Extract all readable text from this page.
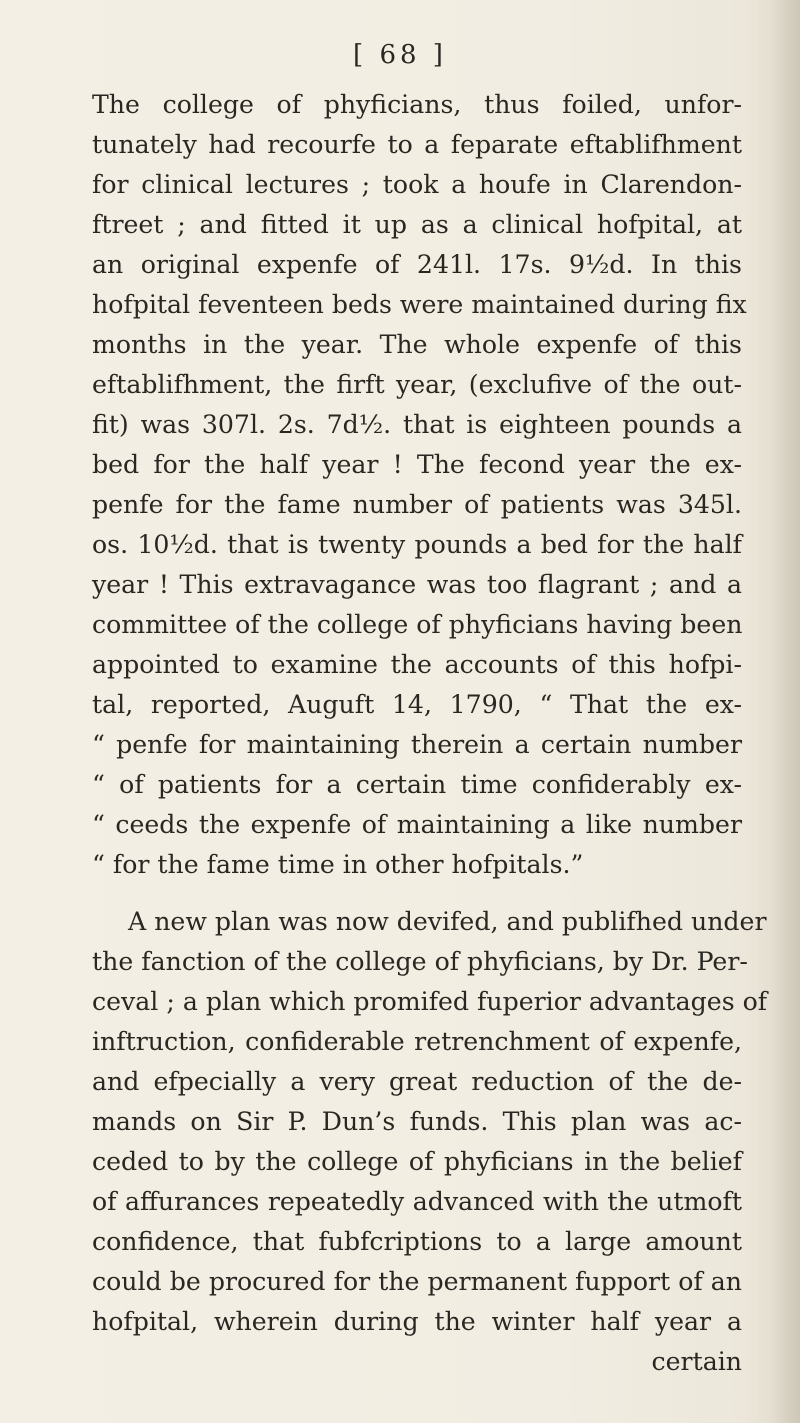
[ 68 ]
The college of phyficians, thus foiled, unfor-
tunately had recourfe to a feparate eftablifhment
for clinical lectures ; took a houfe in Clarendon-
ftreet ; and fitted it up as a clinical hofpital, at
an original expenfe of 241l. 17s. 9½d. In this
hofpital feventeen beds were maintained during fix
months in the year. The whole expenfe of this
eftablifhment, the firft year, (exclufive of the out-
fit) was 307l. 2s. 7d½. that is eighteen pounds a
bed for the half year ! The fecond year the ex-
penfe for the fame number of patients was 345l.
os. 10½d. that is twenty pounds a bed for the half
year ! This extravagance was too flagrant ; and a
committee of the college of phyficians having been
appointed to examine the accounts of this hofpi-
tal, reported, Auguft 14, 1790, “ That the ex-
“ penfe for maintaining therein a certain number
“ of patients for a certain time confiderably ex-
“ ceeds the expenfe of maintaining a like number
“ for the fame time in other hofpitals.”
A new plan was now devifed, and publifhed under
the fanction of the college of phyficians, by Dr. Per-
ceval ; a plan which promifed fuperior advantages of
inftruction, confiderable retrenchment of expenfe,
and efpecially a very great reduction of the de-
mands on Sir P. Dun’s funds. This plan was ac-
ceded to by the college of phyficians in the belief
of affurances repeatedly advanced with the utmoft
confidence, that fubfcriptions to a large amount
could be procured for the permanent fupport of an
hofpital, wherein during the winter half year a
certain
